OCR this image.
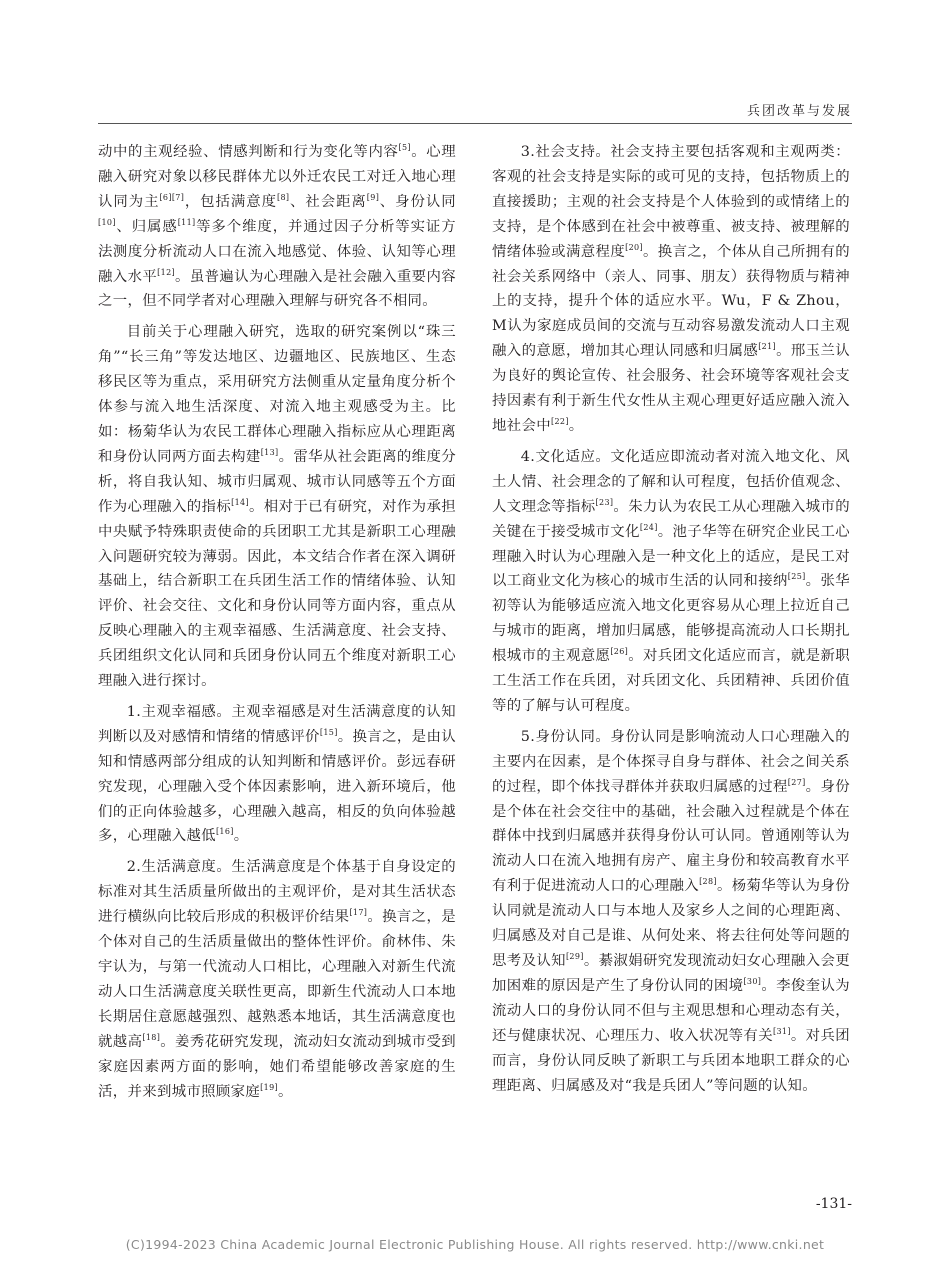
兵团改革与发展

动中的主观经验、情感判断和行为变化等内容[5]。心理融入研究对象以移民群体尤以外迁农民工对迁入地心理认同为主[6][7]，包括满意度[8]、社会距离[9]、身份认同[10]、归属感[11]等多个维度，并通过因子分析等实证方法测度分析流动人口在流入地感觉、体验、认知等心理融入水平[12]。虽普遍认为心理融入是社会融入重要内容之一，但不同学者对心理融入理解与研究各不相同。

目前关于心理融入研究，选取的研究案例以“珠三角”“长三角”等发达地区、边疆地区、民族地区、生态移民区等为重点，采用研究方法侧重从定量角度分析个体参与流入地生活深度、对流入地主观感受为主。比如：杨菊华认为农民工群体心理融入指标应从心理距离和身份认同两方面去构建[13]。雷华从社会距离的维度分析，将自我认知、城市归属观、城市认同感等五个方面作为心理融入的指标[14]。相对于已有研究，对作为承担中央赋予特殊职责使命的兵团职工尤其是新职工心理融入问题研究较为薄弱。因此，本文结合作者在深入调研基础上，结合新职工在兵团生活工作的情绪体验、认知评价、社会交往、文化和身份认同等方面内容，重点从反映心理融入的主观幸福感、生活满意度、社会支持、兵团组织文化认同和兵团身份认同五个维度对新职工心理融入进行探讨。

1.主观幸福感。主观幸福感是对生活满意度的认知判断以及对感情和情绪的情感评价[15]。换言之，是由认知和情感两部分组成的认知判断和情感评价。彭远春研究发现，心理融入受个体因素影响，进入新环境后，他们的正向体验越多，心理融入越高，相反的负向体验越多，心理融入越低[16]。

2.生活满意度。生活满意度是个体基于自身设定的标准对其生活质量所做出的主观评价，是对其生活状态进行横纵向比较后形成的积极评价结果[17]。换言之，是个体对自己的生活质量做出的整体性评价。俞林伟、朱宇认为，与第一代流动人口相比，心理融入对新生代流动人口生活满意度关联性更高，即新生代流动人口本地长期居住意愿越强烈、越熟悉本地话，其生活满意度也就越高[18]。姜秀花研究发现，流动妇女流动到城市受到家庭因素两方面的影响，她们希望能够改善家庭的生活，并来到城市照顾家庭[19]。

3.社会支持。社会支持主要包括客观和主观两类：客观的社会支持是实际的或可见的支持，包括物质上的直接援助；主观的社会支持是个人体验到的或情绪上的支持，是个体感到在社会中被尊重、被支持、被理解的情绪体验或满意程度[20]。换言之，个体从自己所拥有的社会关系网络中（亲人、同事、朋友）获得物质与精神上的支持，提升个体的适应水平。Wu，F & Zhou，M认为家庭成员间的交流与互动容易激发流动人口主观融入的意愿，增加其心理认同感和归属感[21]。邢玉兰认为良好的舆论宣传、社会服务、社会环境等客观社会支持因素有利于新生代女性从主观心理更好适应融入流入地社会中[22]。

4.文化适应。文化适应即流动者对流入地文化、风土人情、社会理念的了解和认可程度，包括价值观念、人文理念等指标[23]。朱力认为农民工从心理融入城市的关键在于接受城市文化[24]。池子华等在研究企业民工心理融入时认为心理融入是一种文化上的适应，是民工对以工商业文化为核心的城市生活的认同和接纳[25]。张华初等认为能够适应流入地文化更容易从心理上拉近自己与城市的距离，增加归属感，能够提高流动人口长期扎根城市的主观意愿[26]。对兵团文化适应而言，就是新职工生活工作在兵团，对兵团文化、兵团精神、兵团价值等的了解与认可程度。

5.身份认同。身份认同是影响流动人口心理融入的主要内在因素，是个体探寻自身与群体、社会之间关系的过程，即个体找寻群体并获取归属感的过程[27]。身份是个体在社会交往中的基础，社会融入过程就是个体在群体中找到归属感并获得身份认可认同。曾通刚等认为流动人口在流入地拥有房产、雇主身份和较高教育水平有利于促进流动人口的心理融入[28]。杨菊华等认为身份认同就是流动人口与本地人及家乡人之间的心理距离、归属感及对自己是谁、从何处来、将去往何处等问题的思考及认知[29]。綦淑娟研究发现流动妇女心理融入会更加困难的原因是产生了身份认同的困境[30]。李俊奎认为流动人口的身份认同不但与主观思想和心理动态有关，还与健康状况、心理压力、收入状况等有关[31]。对兵团而言，身份认同反映了新职工与兵团本地职工群众的心理距离、归属感及对“我是兵团人”等问题的认知。

-131-
(C)1994-2023 China Academic Journal Electronic Publishing House. All rights reserved. http://www.cnki.net
